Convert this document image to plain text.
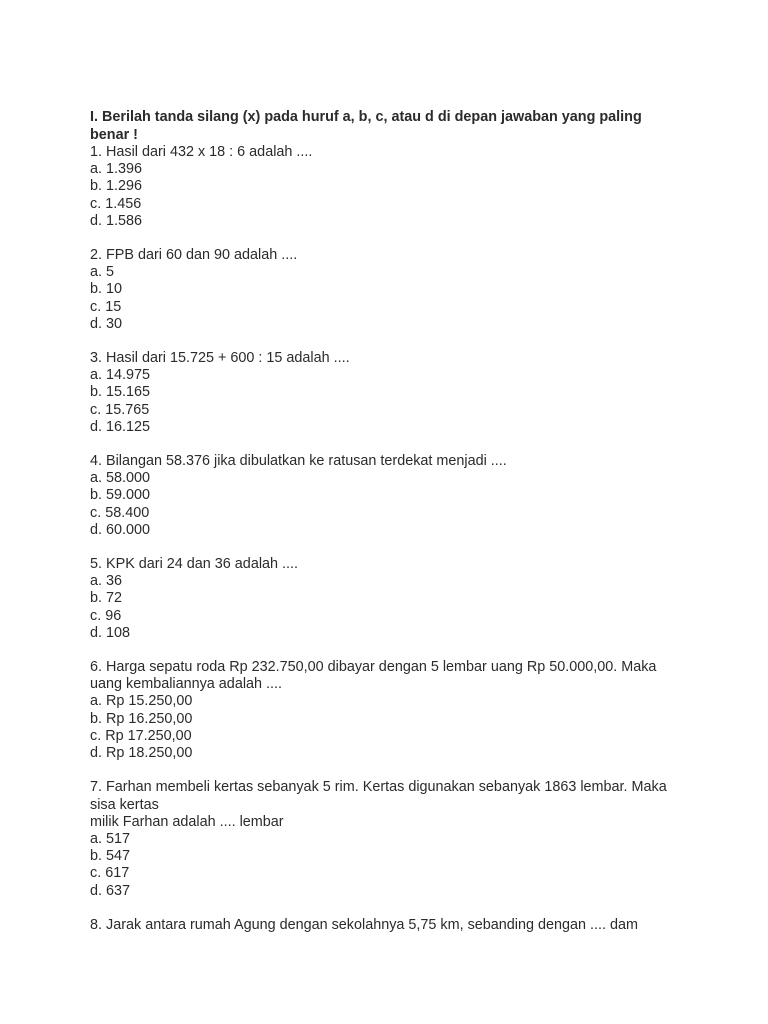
I. Berilah tanda silang (x) pada huruf a, b, c, atau d di depan jawaban yang paling
benar !

1. Hasil dari 432 x 18 : 6 adalah ....

a. 1.396

b. 1.296

c. 1.456

d. 1.586

2. FPB dari 60 dan 90 adalah ....

a. 5

b. 10

c. 15

d. 30

3. Hasil dari 15.725 + 600 : 15 adalah ....

a. 14.975

b. 15.165

c. 15.765

d. 16.125

4. Bilangan 58.376 jika dibulatkan ke ratusan terdekat menjadi ....

a. 58.000

b. 59.000

c. 58.400

d. 60.000

5. KPK dari 24 dan 36 adalah ....

a. 36

b. 72

c. 96

d. 108

6. Harga sepatu roda Rp 232.750,00 dibayar dengan 5 lembar uang Rp 50.000,00. Maka

uang kembaliannya adalah ....

a. Rp 15.250,00

b. Rp 16.250,00

c. Rp 17.250,00

d. Rp 18.250,00

7. Farhan membeli kertas sebanyak 5 rim. Kertas digunakan sebanyak 1863 lembar. Maka

sisa kertas

milik Farhan adalah .... lembar

a. 517

b. 547

c. 617

d. 637

8. Jarak antara rumah Agung dengan sekolahnya 5,75 km, sebanding dengan .... dam
